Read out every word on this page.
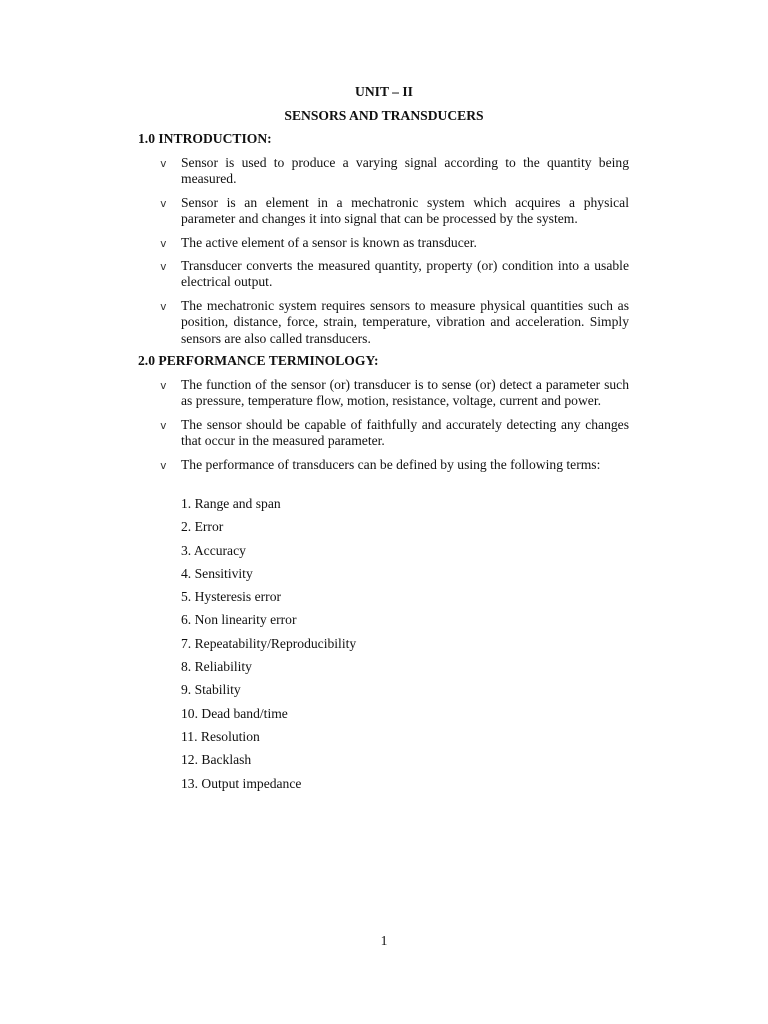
UNIT – II
SENSORS AND TRANSDUCERS
1.0 INTRODUCTION:
v Sensor is used to produce a varying signal according to the quantity being measured.
v Sensor is an element in a mechatronic system which acquires a physical parameter and changes it into signal that can be processed by the system.
v The active element of a sensor is known as transducer.
v Transducer converts the measured quantity, property (or) condition into a usable electrical output.
v The mechatronic system requires sensors to measure physical quantities such as position, distance, force, strain, temperature, vibration and acceleration. Simply sensors are also called transducers.
2.0 PERFORMANCE TERMINOLOGY:
v The function of the sensor (or) transducer is to sense (or) detect a parameter such as pressure, temperature flow, motion, resistance, voltage, current and power.
v The sensor should be capable of faithfully and accurately detecting any changes that occur in the measured parameter.
v The performance of transducers can be defined by using the following terms:
1. Range and span
2. Error
3. Accuracy
4. Sensitivity
5. Hysteresis error
6. Non linearity error
7. Repeatability/Reproducibility
8. Reliability
9. Stability
10. Dead band/time
11. Resolution
12. Backlash
13. Output impedance
1
